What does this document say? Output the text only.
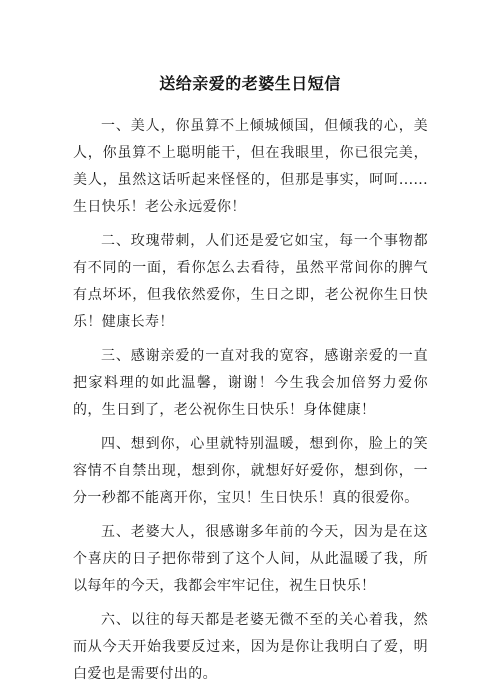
送给亲爱的老婆生日短信

一、美人，你虽算不上倾城倾国，但倾我的心，美人，你虽算不上聪明能干，但在我眼里，你已很完美，美人，虽然这话听起来怪怪的，但那是事实，呵呵......生日快乐！老公永远爱你！

二、玫瑰带刺，人们还是爱它如宝，每一个事物都有不同的一面，看你怎么去看待，虽然平常间你的脾气有点坏坏，但我依然爱你，生日之即，老公祝你生日快乐！健康长寿！

三、感谢亲爱的一直对我的宽容，感谢亲爱的一直把家料理的如此温馨，谢谢！今生我会加倍努力爱你的，生日到了，老公祝你生日快乐！身体健康！

四、想到你，心里就特别温暖，想到你，脸上的笑容情不自禁出现，想到你，就想好好爱你，想到你，一分一秒都不能离开你，宝贝！生日快乐！真的很爱你。

五、老婆大人，很感谢多年前的今天，因为是在这个喜庆的日子把你带到了这个人间，从此温暖了我，所以每年的今天，我都会牢牢记住，祝生日快乐！

六、以往的每天都是老婆无微不至的关心着我，然而从今天开始我要反过来，因为是你让我明白了爱，明白爱也是需要付出的。
